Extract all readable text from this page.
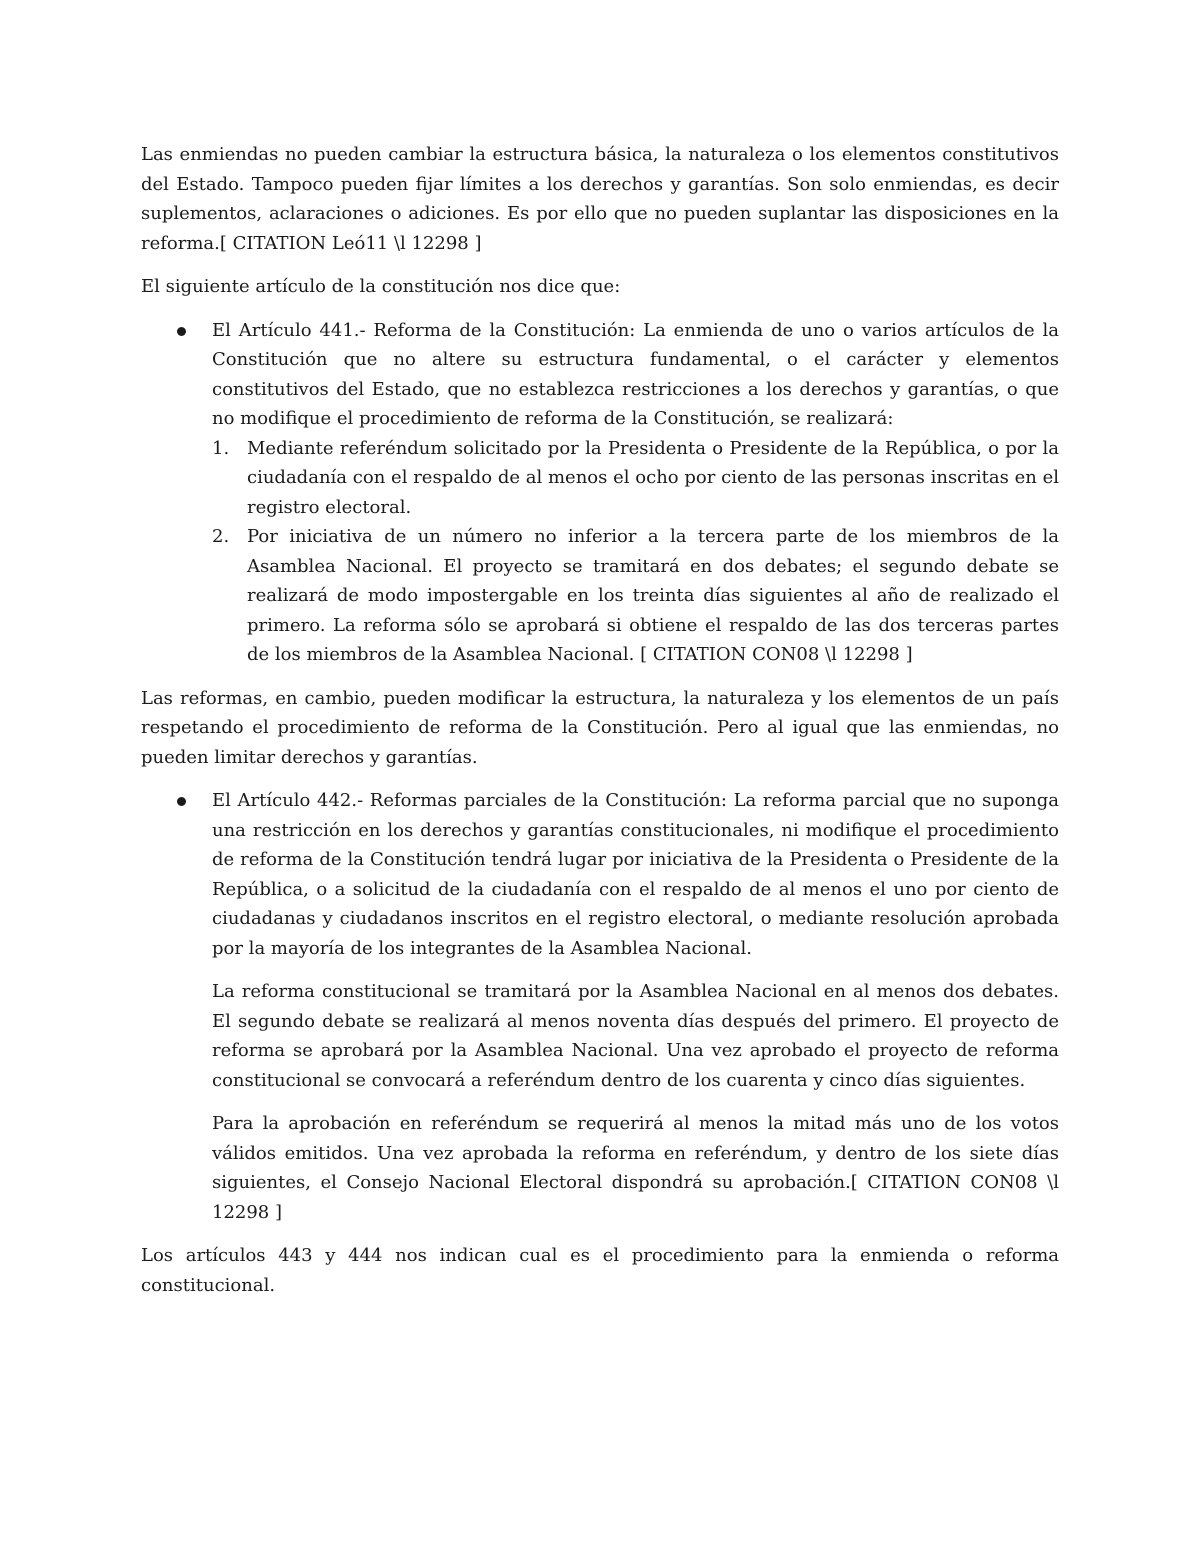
Las enmiendas no pueden cambiar la estructura básica, la naturaleza o los elementos constitutivos del Estado. Tampoco pueden fijar límites a los derechos y garantías. Son solo enmiendas, es decir suplementos, aclaraciones o adiciones. Es por ello que no pueden suplantar las disposiciones en la reforma.[ CITATION Leó11 \l 12298 ]

El siguiente artículo de la constitución nos dice que:

El Artículo 441.- Reforma de la Constitución: La enmienda de uno o varios artículos de la Constitución que no altere su estructura fundamental, o el carácter y elementos constitutivos del Estado, que no establezca restricciones a los derechos y garantías, o que no modifique el procedimiento de reforma de la Constitución, se realizará:

1. Mediante referéndum solicitado por la Presidenta o Presidente de la República, o por la ciudadanía con el respaldo de al menos el ocho por ciento de las personas inscritas en el registro electoral.
2. Por iniciativa de un número no inferior a la tercera parte de los miembros de la Asamblea Nacional. El proyecto se tramitará en dos debates; el segundo debate se realizará de modo impostergable en los treinta días siguientes al año de realizado el primero. La reforma sólo se aprobará si obtiene el respaldo de las dos terceras partes de los miembros de la Asamblea Nacional. [ CITATION CON08 \l 12298 ]

Las reformas, en cambio, pueden modificar la estructura, la naturaleza y los elementos de un país respetando el procedimiento de reforma de la Constitución. Pero al igual que las enmiendas, no pueden limitar derechos y garantías.

El Artículo 442.- Reformas parciales de la Constitución: La reforma parcial que no suponga una restricción en los derechos y garantías constitucionales, ni modifique el procedimiento de reforma de la Constitución tendrá lugar por iniciativa de la Presidenta o Presidente de la República, o a solicitud de la ciudadanía con el respaldo de al menos el uno por ciento de ciudadanas y ciudadanos inscritos en el registro electoral, o mediante resolución aprobada por la mayoría de los integrantes de la Asamblea Nacional.

La reforma constitucional se tramitará por la Asamblea Nacional en al menos dos debates. El segundo debate se realizará al menos noventa días después del primero. El proyecto de reforma se aprobará por la Asamblea Nacional. Una vez aprobado el proyecto de reforma constitucional se convocará a referéndum dentro de los cuarenta y cinco días siguientes.

Para la aprobación en referéndum se requerirá al menos la mitad más uno de los votos válidos emitidos. Una vez aprobada la reforma en referéndum, y dentro de los siete días siguientes, el Consejo Nacional Electoral dispondrá su aprobación.[ CITATION CON08 \l 12298 ]

Los artículos 443 y 444 nos indican cual es el procedimiento para la enmienda o reforma constitucional.
